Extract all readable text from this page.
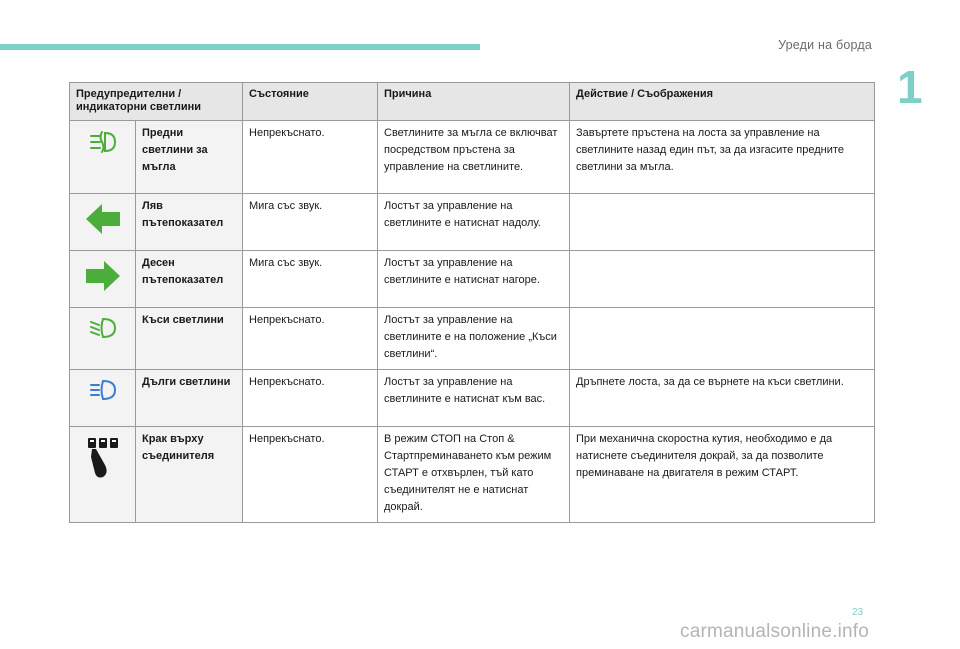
Уреди на борда
1
Предупредителни / индикаторни светлини		Състояние	Причина	Действие / Съображения
	Предни светлини за мъгла	Непрекъснато.	Светлините за мъгла се включват посредством пръстена за управление на светлините.	Завъртете пръстена на лоста за управление на светлините назад един път, за да изгасите предните светлини за мъгла.
	Ляв пътепоказател	Мига със звук.	Лостът за управление на светлините е натиснат надолу.	
	Десен пътепоказател	Мига със звук.	Лостът за управление на светлините е натиснат нагоре.	
	Къси светлини	Непрекъснато.	Лостът за управление на светлините е на положение „Къси светлини“.	
	Дълги светлини	Непрекъснато.	Лостът за управление на светлините е натиснат към вас.	Дръпнете лоста, за да се върнете на къси светлини.
	Крак върху съединителя	Непрекъснато.	В режим СТОП на Стоп & Стартпреминаването към режим СТАРТ е отхвърлен, тъй като съединителят не е натиснат докрай.	При механична скоростна кутия, необходимо е да натиснете съединителя докрай, за да позволите преминаване на двигателя в режим СТАРТ.
23
carmanualsonline.info
